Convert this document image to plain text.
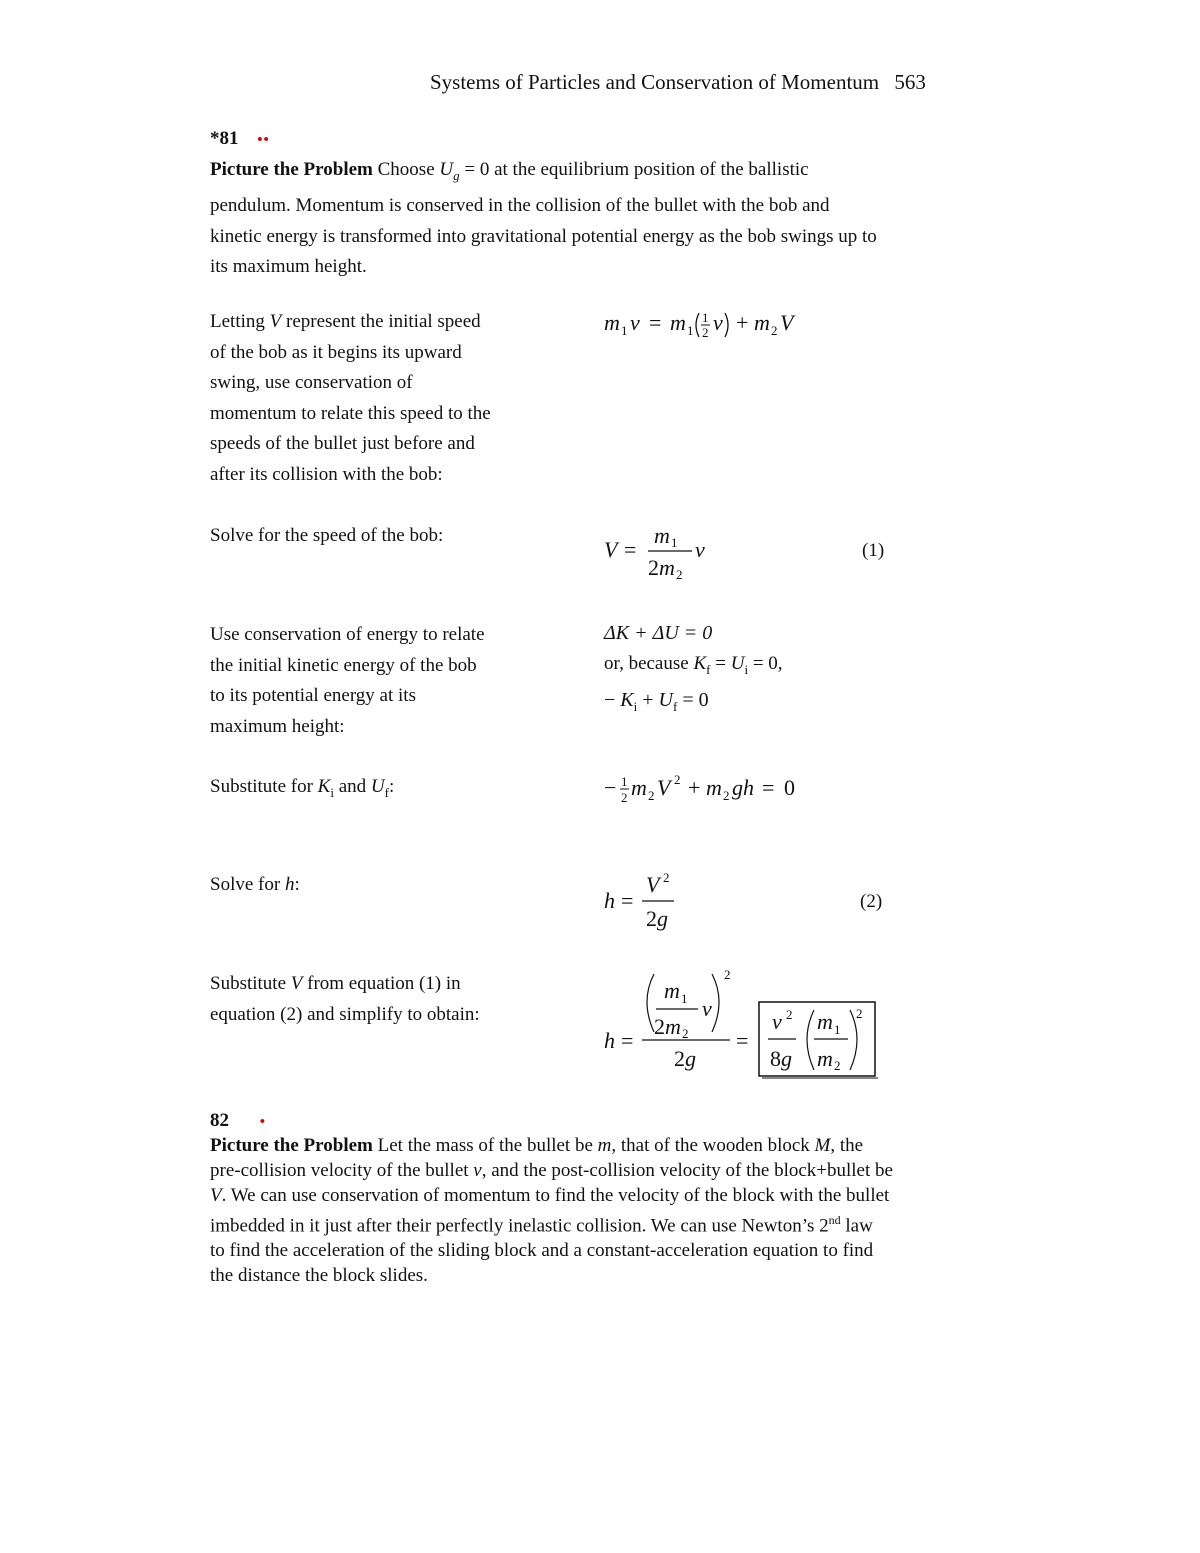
Systems of Particles and Conservation of Momentum 563
*81 ••
Picture the Problem Choose $U_g = 0$ at the equilibrium position of the ballistic
pendulum. Momentum is conserved in the collision of the bullet with the bob and
kinetic energy is transformed into gravitational potential energy as the bob swings up to
its maximum height.
Letting V represent the initial speed
of the bob as it begins its upward
swing, use conservation of
momentum to relate this speed to the
speeds of the bullet just before and
after its collision with the bob:
m 1 v = m 1
1
2 v + m 2 V
Solve for the speed of the bob:
V =
m 1
2 m 2
v	(1)
Use conservation of energy to relate
the initial kinetic energy of the bob
to its potential energy at its
maximum height:
ΔK + ΔU = 0
or, because $K_f = U_i = 0$,
− $K_i + U_f = 0$
Substitute for $K_i$ and $U_f$:	− 1
2 m 2 V 2 + m 2 gh = 0
Solve for h:
h =
V 2
2 g
(2)
Substitute V from equation (1) in
equation (2) and simplify to obtain:
h =
m 1
2 m 2
v
2
2 g
=
v 2
8 g
m 1
m 2
2
82 •
Picture the Problem Let the mass of the bullet be m, that of the wooden block M, the
pre-collision velocity of the bullet v, and the post-collision velocity of the block+bullet be
V. We can use conservation of momentum to find the velocity of the block with the bullet
imbedded in it just after their perfectly inelastic collision. We can use Newton’s 2nd law
to find the acceleration of the sliding block and a constant-acceleration equation to find
the distance the block slides.
